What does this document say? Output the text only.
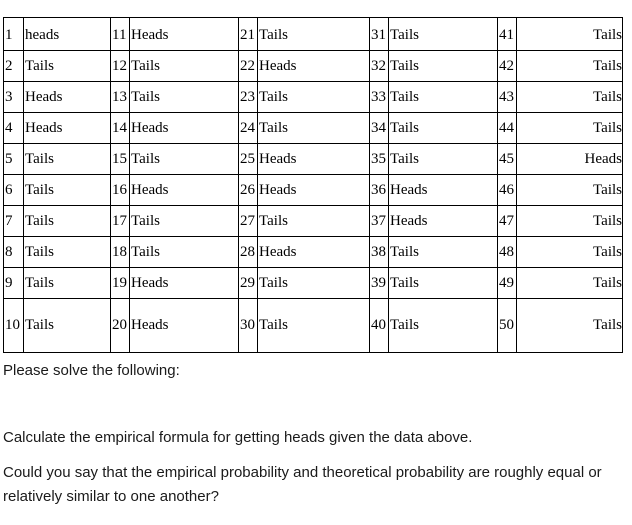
1	heads	11	Heads	21	Tails	31	Tails	41	Tails
2	Tails	12	Tails	22	Heads	32	Tails	42	Tails
3	Heads	13	Tails	23	Tails	33	Tails	43	Tails
4	Heads	14	Heads	24	Tails	34	Tails	44	Tails
5	Tails	15	Tails	25	Heads	35	Tails	45	Heads
6	Tails	16	Heads	26	Heads	36	Heads	46	Tails
7	Tails	17	Tails	27	Tails	37	Heads	47	Tails
8	Tails	18	Tails	28	Heads	38	Tails	48	Tails
9	Tails	19	Heads	29	Tails	39	Tails	49	Tails
10	Tails	20	Heads	30	Tails	40	Tails	50	Tails
Please solve the following:
Calculate the empirical formula for getting heads given the data above.
Could you say that the empirical probability and theoretical probability are roughly equal or relatively similar to one another?
